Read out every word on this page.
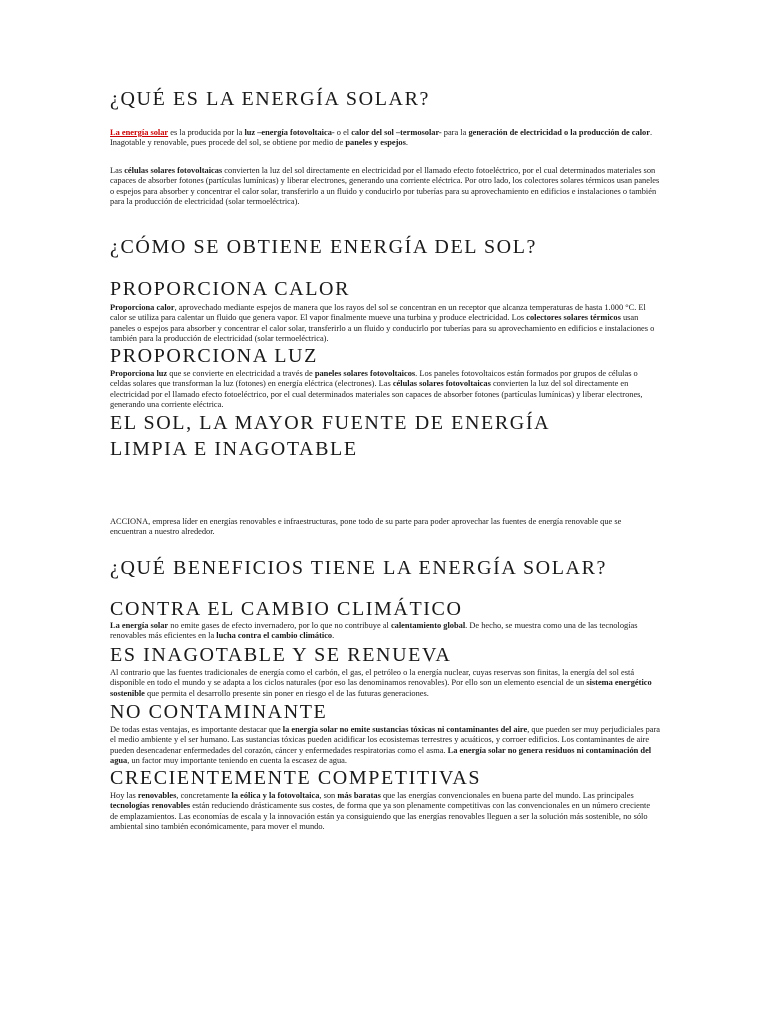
¿QUÉ ES LA ENERGÍA SOLAR?

La energía solar es la producida por la luz –energía fotovoltaica- o el calor del sol –termosolar- para la generación de electricidad o la producción de calor. Inagotable y renovable, pues procede del sol, se obtiene por medio de paneles y espejos.

Las células solares fotovoltaicas convierten la luz del sol directamente en electricidad por el llamado efecto fotoeléctrico, por el cual determinados materiales son capaces de absorber fotones (partículas lumínicas) y liberar electrones, generando una corriente eléctrica. Por otro lado, los colectores solares térmicos usan paneles o espejos para absorber y concentrar el calor solar, transferirlo a un fluido y conducirlo por tuberías para su aprovechamiento en edificios e instalaciones o también para la producción de electricidad (solar termoeléctrica).

¿CÓMO SE OBTIENE ENERGÍA DEL SOL?
PROPORCIONA CALOR

Proporciona calor, aprovechado mediante espejos de manera que los rayos del sol se concentran en un receptor que alcanza temperaturas de hasta 1.000 °C. El calor se utiliza para calentar un fluido que genera vapor. El vapor finalmente mueve una turbina y produce electricidad. Los colectores solares térmicos usan paneles o espejos para absorber y concentrar el calor solar, transferirlo a un fluido y conducirlo por tuberías para su aprovechamiento en edificios e instalaciones o también para la producción de electricidad (solar termoeléctrica).

PROPORCIONA LUZ

Proporciona luz que se convierte en electricidad a través de paneles solares fotovoltaicos. Los paneles fotovoltaicos están formados por grupos de células o celdas solares que transforman la luz (fotones) en energía eléctrica (electrones). Las células solares fotovoltaicas convierten la luz del sol directamente en electricidad por el llamado efecto fotoeléctrico, por el cual determinados materiales son capaces de absorber fotones (partículas lumínicas) y liberar electrones, generando una corriente eléctrica.

EL SOL, LA MAYOR FUENTE DE ENERGÍA
LIMPIA E INAGOTABLE

ACCIONA, empresa líder en energías renovables e infraestructuras, pone todo de su parte para poder aprovechar las fuentes de energía renovable que se encuentran a nuestro alrededor.

¿QUÉ BENEFICIOS TIENE LA ENERGÍA SOLAR?
CONTRA EL CAMBIO CLIMÁTICO

La energía solar no emite gases de efecto invernadero, por lo que no contribuye al calentamiento global. De hecho, se muestra como una de las tecnologías renovables más eficientes en la lucha contra el cambio climático.

ES INAGOTABLE Y SE RENUEVA

Al contrario que las fuentes tradicionales de energía como el carbón, el gas, el petróleo o la energía nuclear, cuyas reservas son finitas, la energía del sol está disponible en todo el mundo y se adapta a los ciclos naturales (por eso las denominamos renovables). Por ello son un elemento esencial de un sistema energético sostenible que permita el desarrollo presente sin poner en riesgo el de las futuras generaciones.

NO CONTAMINANTE

De todas estas ventajas, es importante destacar que la energía solar no emite sustancias tóxicas ni contaminantes del aire, que pueden ser muy perjudiciales para el medio ambiente y el ser humano. Las sustancias tóxicas pueden acidificar los ecosistemas terrestres y acuáticos, y corroer edificios. Los contaminantes de aire pueden desencadenar enfermedades del corazón, cáncer y enfermedades respiratorias como el asma. La energía solar no genera residuos ni contaminación del agua, un factor muy importante teniendo en cuenta la escasez de agua.

CRECIENTEMENTE COMPETITIVAS

Hoy las renovables, concretamente la eólica y la fotovoltaica, son más baratas que las energías convencionales en buena parte del mundo. Las principales tecnologías renovables están reduciendo drásticamente sus costes, de forma que ya son plenamente competitivas con las convencionales en un número creciente de emplazamientos. Las economías de escala y la innovación están ya consiguiendo que las energías renovables lleguen a ser la solución más sostenible, no sólo ambiental sino también económicamente, para mover el mundo.
